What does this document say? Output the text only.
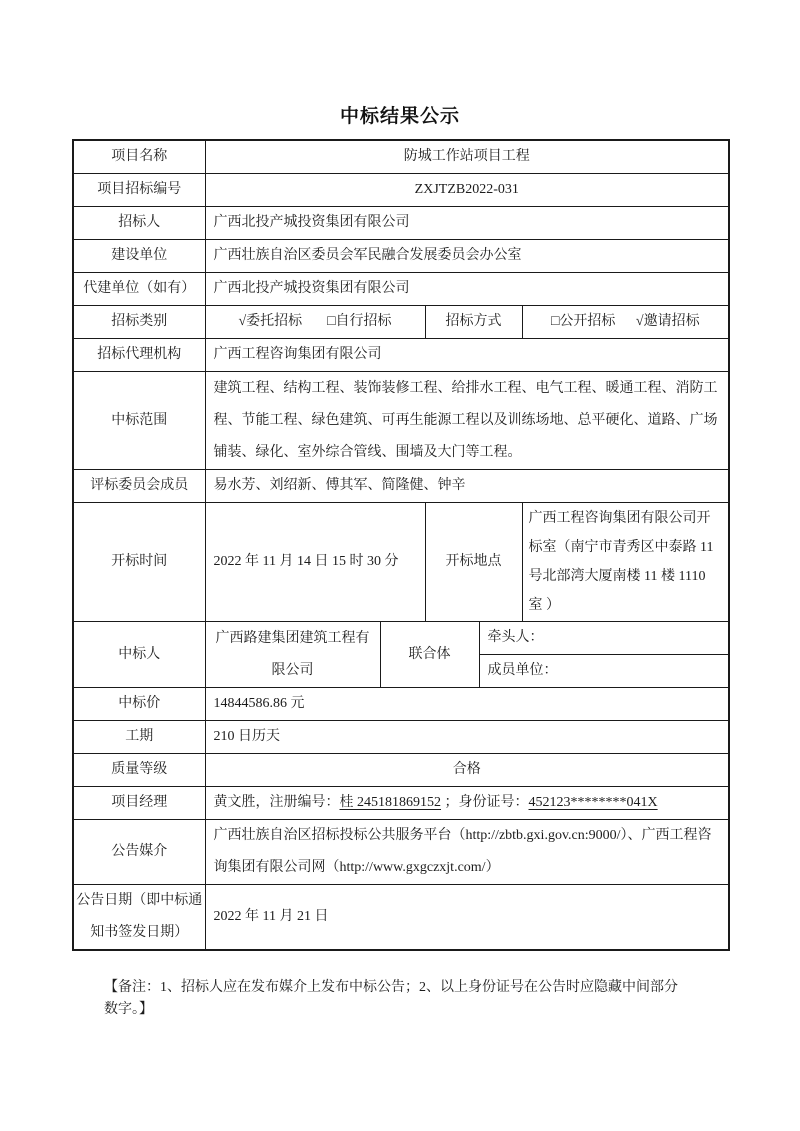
中标结果公示
项目名称	防城工作站项目工程				
项目招标编号	ZXJTZB2022-031				
招标人	广西北投产城投资集团有限公司				
建设单位	广西壮族自治区委员会军民融合发展委员会办公室				
代建单位（如有）	广西北投产城投资集团有限公司				
招标类别	√委托招标 □自行招标		招标方式		□公开招标 √邀请招标

招标代理机构	广西工程咨询集团有限公司				
中标范围	建筑工程、结构工程、装饰装修工程、给排水工程、电气工程、暖通工程、消防工程、节能工程、绿色建筑、可再生能源工程以及训练场地、总平硬化、道路、广场铺装、绿化、室外综合管线、围墙及大门等工程。				
评标委员会成员	易水芳、刘绍新、傅其军、简隆健、钟辛				
开标时间	2022 年 11 月 14 日 15 时 30 分		开标地点		广西工程咨询集团有限公司开标室（南宁市青秀区中泰路 11 号北部湾大厦南楼 11 楼 1110 室 ）
中标人	广西路建集团建筑工程有限公司	联合体		牵头人：	
				成员单位：	
中标价	14844586.86 元				
工期	210 日历天				
质量等级	合格				
项目经理	黄文胜，注册编号：桂 245181869152 ；身份证号：452123********041X				
公告媒介	广西壮族自治区招标投标公共服务平台（http://zbtb.gxi.gov.cn:9000/）、广西工程咨询集团有限公司网（http://www.gxgczxjt.com/）				
公告日期（即中标通知书签发日期）	2022 年 11 月 21 日				
【备注：1、招标人应在发布媒介上发布中标公告；2、以上身份证号在公告时应隐藏中间部分数字。】
